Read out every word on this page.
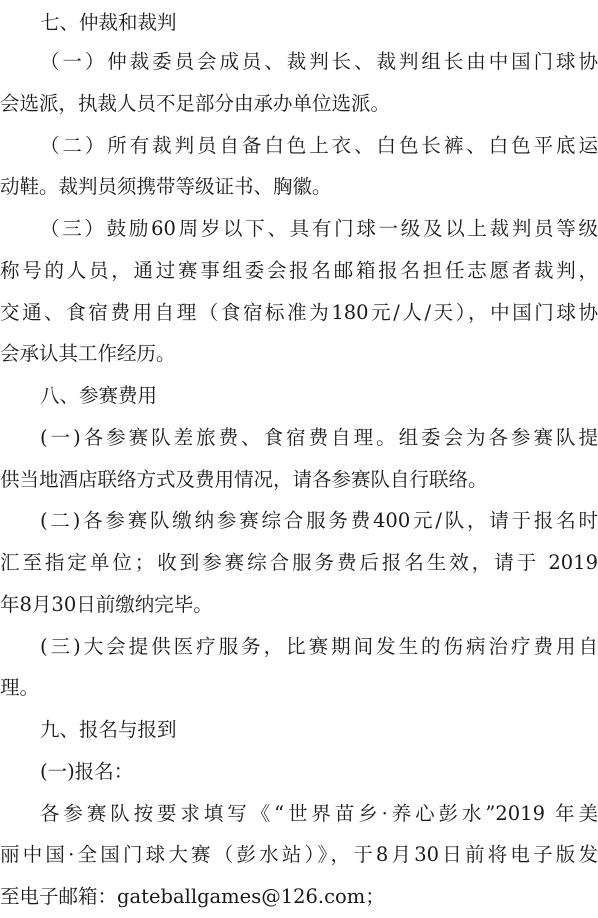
七、仲裁和裁判
（一）仲裁委员会成员、裁判长、裁判组长由中国门球协
会选派，执裁人员不足部分由承办单位选派。
（二）所有裁判员自备白色上衣、白色长裤、白色平底运
动鞋。裁判员须携带等级证书、胸徽。
（三）鼓励60周岁以下、具有门球一级及以上裁判员等级
称号的人员，通过赛事组委会报名邮箱报名担任志愿者裁判，
交通、食宿费用自理（食宿标准为180元/人/天），中国门球协
会承认其工作经历。
八、参赛费用
(一)各参赛队差旅费、食宿费自理。组委会为各参赛队提
供当地酒店联络方式及费用情况，请各参赛队自行联络。
(二)各参赛队缴纳参赛综合服务费400元/队，请于报名时
汇至指定单位；收到参赛综合服务费后报名生效，请于 2019
年8月30日前缴纳完毕。
(三)大会提供医疗服务，比赛期间发生的伤病治疗费用自
理。
九、报名与报到
(一)报名：
各参赛队按要求填写《“世界苗乡·养心彭水”2019 年美
丽中国·全国门球大赛（彭水站）》，于8月30日前将电子版发
至电子邮箱：gateballgames@126.com；
